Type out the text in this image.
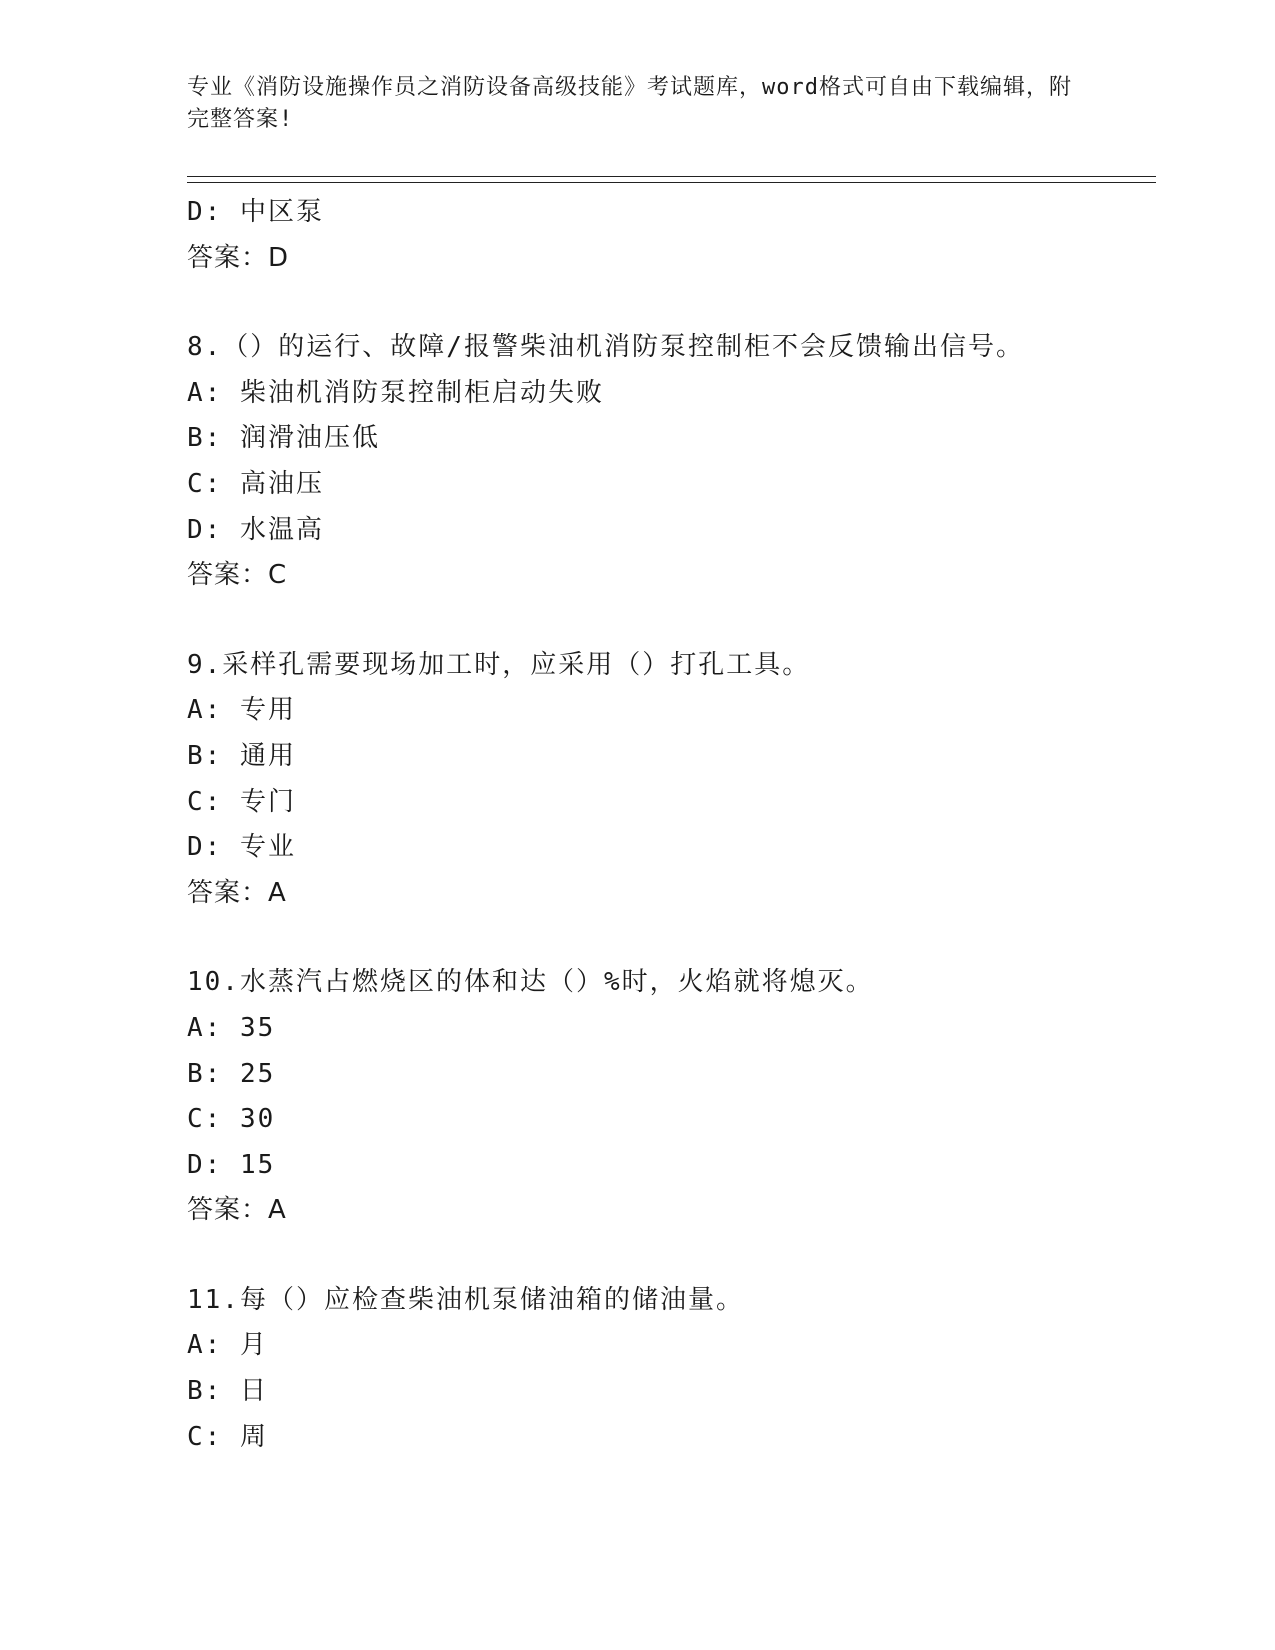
专业《消防设施操作员之消防设备高级技能》考试题库，word格式可自由下载编辑，附完整答案!
D: 中区泵
答案：D
8.（）的运行、故障/报警柴油机消防泵控制柜不会反馈输出信号。
A: 柴油机消防泵控制柜启动失败
B: 润滑油压低
C: 高油压
D: 水温高
答案：C
9.采样孔需要现场加工时，应采用（）打孔工具。
A: 专用
B: 通用
C: 专门
D: 专业
答案：A
10.水蒸汽占燃烧区的体和达（）%时，火焰就将熄灭。
A: 35
B: 25
C: 30
D: 15
答案：A
11.每（）应检查柴油机泵储油箱的储油量。
A: 月
B: 日
C: 周
